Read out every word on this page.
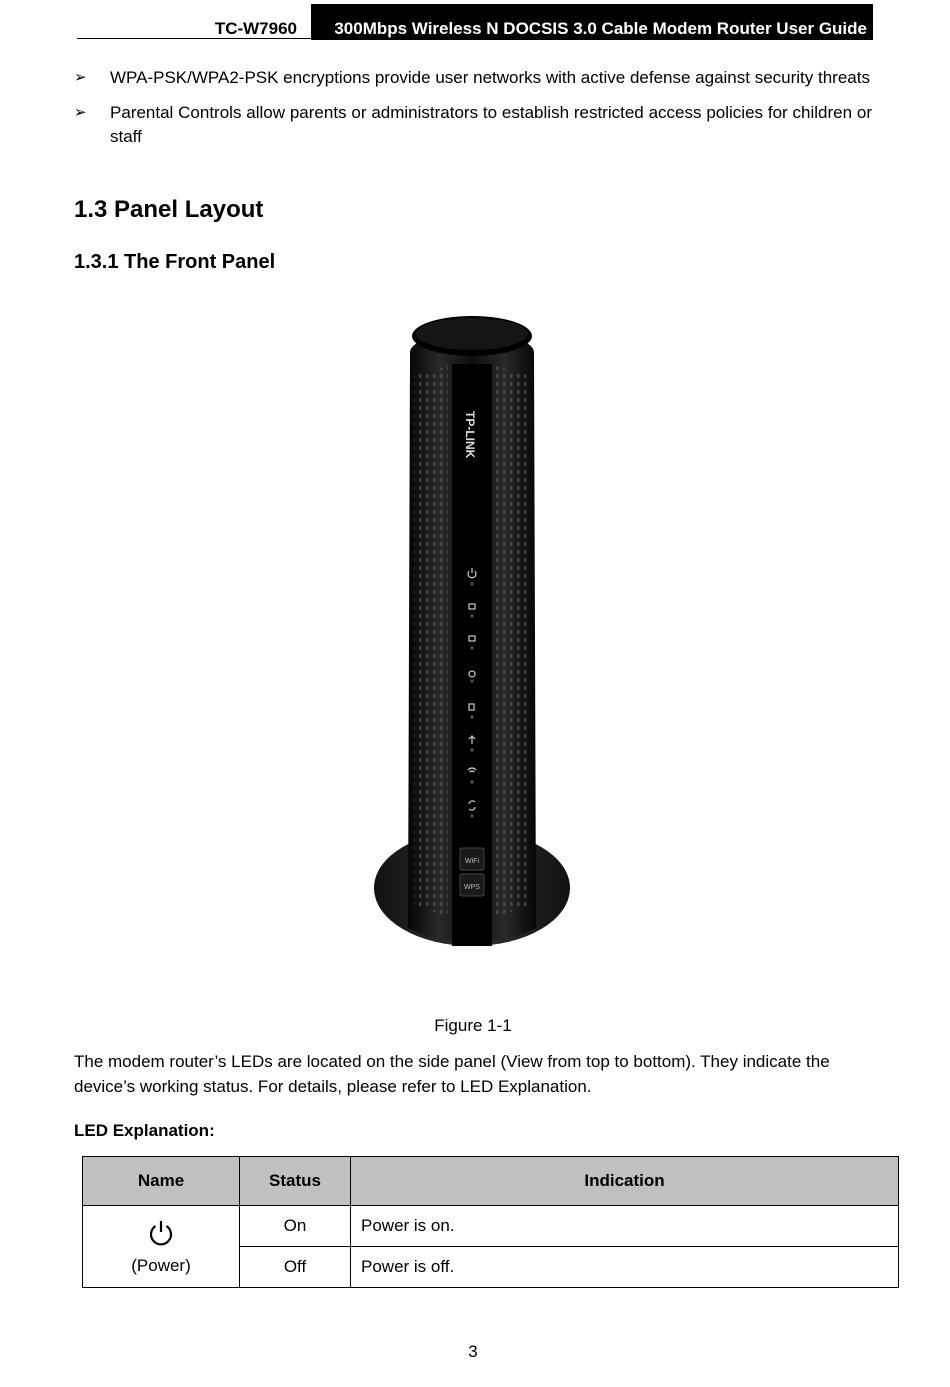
TC-W7960	300Mbps Wireless N DOCSIS 3.0 Cable Modem Router User Guide
➢ WPA-PSK/WPA2-PSK encryptions provide user networks with active defense against security threats
➢ Parental Controls allow parents or administrators to establish restricted access policies for children or staff
1.3 Panel Layout
1.3.1 The Front Panel
TP-LINK
WiFi
WPS
Figure 1-1

The modem router’s LEDs are located on the side panel (View from top to bottom). They indicate the device’s working status. For details, please refer to LED Explanation.

LED Explanation:
Name	Status	Indication

(Power)	On	Power is on.
	Off	Power is off.
3
